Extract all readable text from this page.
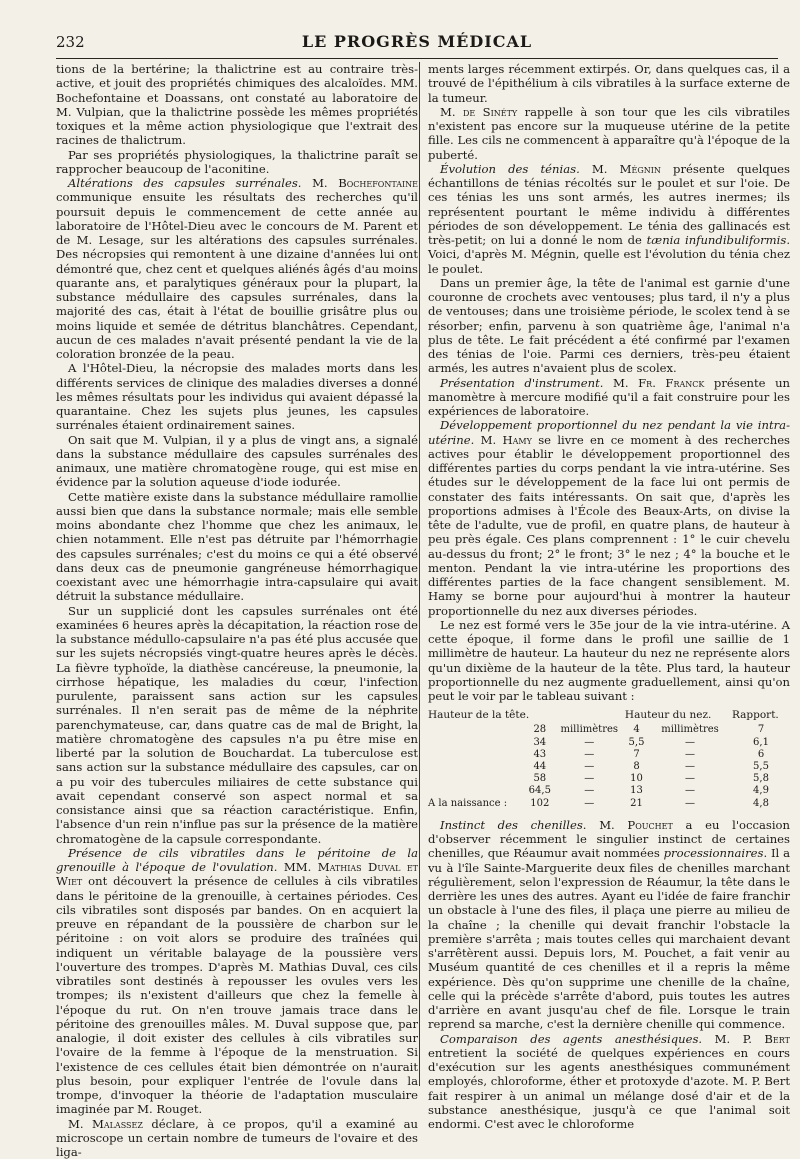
232	LE PROGRÈS MÉDICAL

tions de la bertérine; la thalictrine est au contraire très-active, et jouit des propriétés chimiques des alcaloïdes. MM. Bochefontaine et Doassans, ont constaté au laboratoire de M. Vulpian, que la thalictrine possède les mêmes propriétés toxiques et la même action physiologique que l'extrait des racines de thalictrum.

Par ses propriétés physiologiques, la thalictrine paraît se rapprocher beaucoup de l'aconitine.

Altérations des capsules surrénales. M. Bochefontaine communique ensuite les résultats des recherches qu'il poursuit depuis le commencement de cette année au laboratoire de l'Hôtel-Dieu avec le concours de M. Parent et de M. Lesage, sur les altérations des capsules surrénales. Des nécropsies qui remontent à une dizaine d'années lui ont démontré que, chez cent et quelques aliénés âgés d'au moins quarante ans, et paralytiques généraux pour la plupart, la substance médullaire des capsules surrénales, dans la majorité des cas, était à l'état de bouillie grisâtre plus ou moins liquide et semée de détritus blanchâtres. Cependant, aucun de ces malades n'avait présenté pendant la vie de la coloration bronzée de la peau.

A l'Hôtel-Dieu, la nécropsie des malades morts dans les différents services de clinique des maladies diverses a donné les mêmes résultats pour les individus qui avaient dépassé la quarantaine. Chez les sujets plus jeunes, les capsules surrénales étaient ordinairement saines.

On sait que M. Vulpian, il y a plus de vingt ans, a signalé dans la substance médullaire des capsules surrénales des animaux, une matière chromatogène rouge, qui est mise en évidence par la solution aqueuse d'iode iodurée.

Cette matière existe dans la substance médullaire ramollie aussi bien que dans la substance normale; mais elle semble moins abondante chez l'homme que chez les animaux, le chien notamment. Elle n'est pas détruite par l'hémorrhagie des capsules surrénales; c'est du moins ce qui a été observé dans deux cas de pneumonie gangréneuse hémorrhagique coexistant avec une hémorrhagie intra-capsulaire qui avait détruit la substance médullaire.

Sur un supplicié dont les capsules surrénales ont été examinées 6 heures après la décapitation, la réaction rose de la substance médullo-capsulaire n'a pas été plus accusée que sur les sujets nécropsiés vingt-quatre heures après le décès. La fièvre typhoïde, la diathèse cancéreuse, la pneumonie, la cirrhose hépatique, les maladies du cœur, l'infection purulente, paraissent sans action sur les capsules surrénales. Il n'en serait pas de même de la néphrite parenchymateuse, car, dans quatre cas de mal de Bright, la matière chromatogène des capsules n'a pu être mise en liberté par la solution de Bouchardat. La tuberculose est sans action sur la substance médullaire des capsules, car on a pu voir des tubercules miliaires de cette substance qui avait cependant conservé son aspect normal et sa consistance ainsi que sa réaction caractéristique. Enfin, l'absence d'un rein n'influe pas sur la présence de la matière chromatogène de la capsule correspondante.

Présence de cils vibratiles dans le péritoine de la grenouille à l'époque de l'ovulation. MM. Mathias Duval et Wiet ont découvert la présence de cellules à cils vibratiles dans le péritoine de la grenouille, à certaines périodes. Ces cils vibratiles sont disposés par bandes. On en acquiert la preuve en répandant de la poussière de charbon sur le péritoine : on voit alors se produire des traînées qui indiquent un véritable balayage de la poussière vers l'ouverture des trompes. D'après M. Mathias Duval, ces cils vibratiles sont destinés à repousser les ovules vers les trompes; ils n'existent d'ailleurs que chez la femelle à l'époque du rut. On n'en trouve jamais trace dans le péritoine des grenouilles mâles. M. Duval suppose que, par analogie, il doit exister des cellules à cils vibratiles sur l'ovaire de la femme à l'époque de la menstruation. Si l'existence de ces cellules était bien démontrée on n'aurait plus besoin, pour expliquer l'entrée de l'ovule dans la trompe, d'invoquer la théorie de l'adaptation musculaire imaginée par M. Rouget.

M. Malassez déclare, à ce propos, qu'il a examiné au microscope un certain nombre de tumeurs de l'ovaire et des liga-

ments larges récemment extirpés. Or, dans quelques cas, il a trouvé de l'épithélium à cils vibratiles à la surface externe de la tumeur.

M. de Sinéty rappelle à son tour que les cils vibratiles n'existent pas encore sur la muqueuse utérine de la petite fille. Les cils ne commencent à apparaître qu'à l'époque de la puberté.

Évolution des ténias. M. Mégnin présente quelques échantillons de ténias récoltés sur le poulet et sur l'oie. De ces ténias les uns sont armés, les autres inermes; ils représentent pourtant le même individu à différentes périodes de son développement. Le ténia des gallinacés est très-petit; on lui a donné le nom de tænia infundibuliformis. Voici, d'après M. Mégnin, quelle est l'évolution du ténia chez le poulet.

Dans un premier âge, la tête de l'animal est garnie d'une couronne de crochets avec ventouses; plus tard, il n'y a plus de ventouses; dans une troisième période, le scolex tend à se résorber; enfin, parvenu à son quatrième âge, l'animal n'a plus de tête. Le fait précédent a été confirmé par l'examen des ténias de l'oie. Parmi ces derniers, très-peu étaient armés, les autres n'avaient plus de scolex.

Présentation d'instrument. M. Fr. Franck présente un manomètre à mercure modifié qu'il a fait construire pour les expériences de laboratoire.

Développement proportionnel du nez pendant la vie intra-utérine. M. Hamy se livre en ce moment à des recherches actives pour établir le développement proportionnel des différentes parties du corps pendant la vie intra-utérine. Ses études sur le développement de la face lui ont permis de constater des faits intéressants. On sait que, d'après les proportions admises à l'École des Beaux-Arts, on divise la tête de l'adulte, vue de profil, en quatre plans, de hauteur à peu près égale. Ces plans comprennent : 1° le cuir chevelu au-dessus du front; 2° le front; 3° le nez ; 4° la bouche et le menton. Pendant la vie intra-utérine les proportions des différentes parties de la face changent sensiblement. M. Hamy se borne pour aujourd'hui à montrer la hauteur proportionnelle du nez aux diverses périodes.

Le nez est formé vers le 35e jour de la vie intra-utérine. A cette époque, il forme dans le profil une saillie de 1 millimètre de hauteur. La hauteur du nez ne représente alors qu'un dixième de la hauteur de la tête. Plus tard, la hauteur proportionnelle du nez augmente graduellement, ainsi qu'on peut le voir par le tableau suivant :

Hauteur de la tête.			Hauteur du nez.		Rapport.
	28	millimètres	4	millimètres	7
	34	—	5,5	—	6,1
	43	—	7	—	6
	44	—	8	—	5,5
	58	—	10	—	5,8
	64,5	—	13	—	4,9
A la naissance :	102	—	21	—	4,8

Instinct des chenilles. M. Pouchet a eu l'occasion d'observer récemment le singulier instinct de certaines chenilles, que Réaumur avait nommées processionnaires. Il a vu à l'île Sainte-Marguerite deux files de chenilles marchant régulièrement, selon l'expression de Réaumur, la tête dans le derrière les unes des autres. Ayant eu l'idée de faire franchir un obstacle à l'une des files, il plaça une pierre au milieu de la chaîne ; la chenille qui devait franchir l'obstacle la première s'arrêta ; mais toutes celles qui marchaient devant s'arrêtèrent aussi. Depuis lors, M. Pouchet, a fait venir au Muséum quantité de ces chenilles et il a repris la même expérience. Dès qu'on supprime une chenille de la chaîne, celle qui la précède s'arrête d'abord, puis toutes les autres d'arrière en avant jusqu'au chef de file. Lorsque le train reprend sa marche, c'est la dernière chenille qui commence.

Comparaison des agents anesthésiques. M. P. Bert entretient la société de quelques expériences en cours d'exécution sur les agents anesthésiques communément employés, chloroforme, éther et protoxyde d'azote. M. P. Bert fait respirer à un animal un mélange dosé d'air et de la substance anesthésique, jusqu'à ce que l'animal soit endormi. C'est avec le chloroforme
